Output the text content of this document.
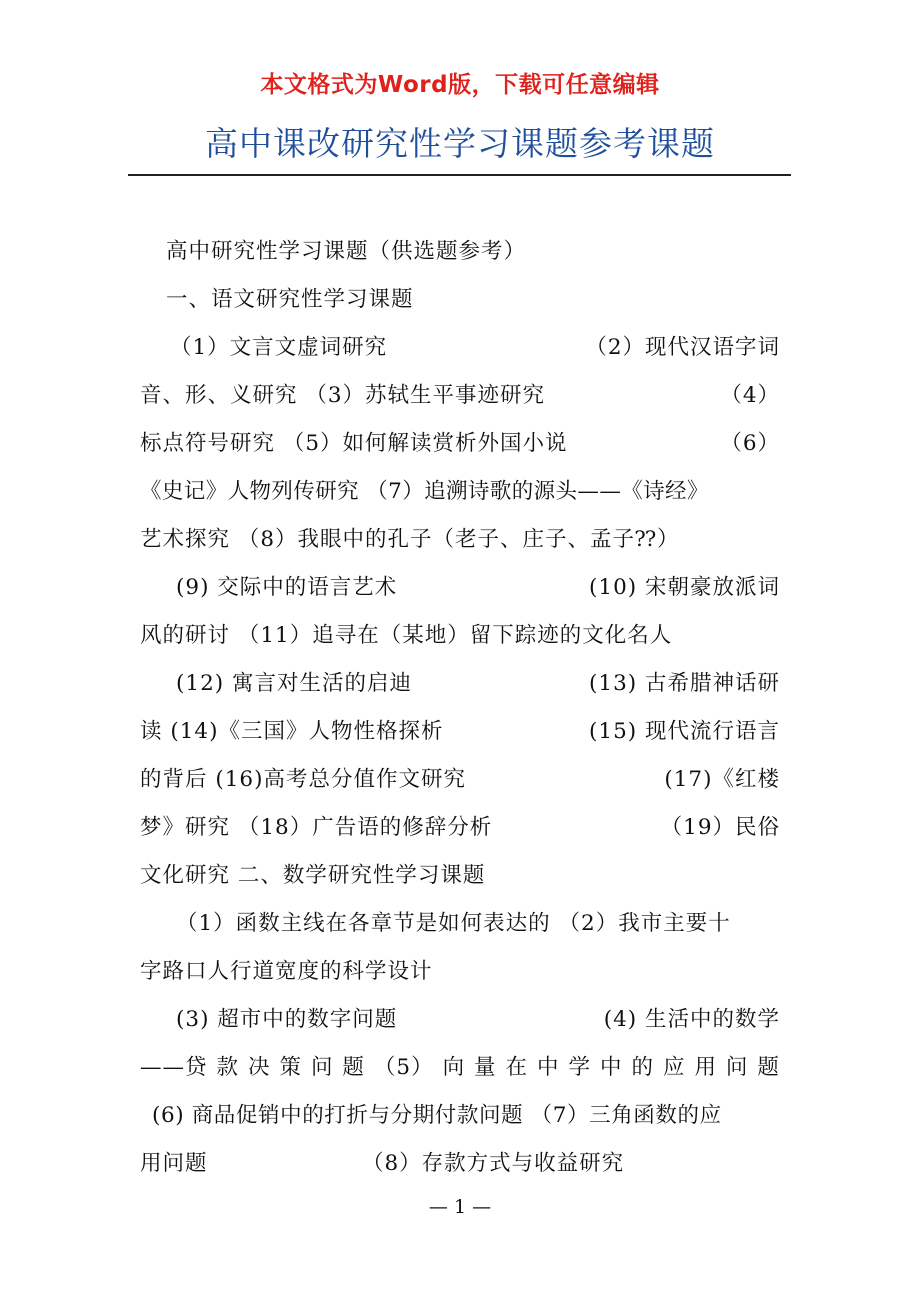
本文格式为Word版，下载可任意编辑
高中课改研究性学习课题参考课题
高中研究性学习课题（供选题参考）
一、语文研究性学习课题
（1）文言文虚词研究	（2）现代汉语字词
音、形、义研究 （3）苏轼生平事迹研究	（4）
标点符号研究 （5）如何解读赏析外国小说	（6）
《史记》人物列传研究 （7）追溯诗歌的源头——《诗经》
艺术探究 （8）我眼中的孔子（老子、庄子、孟子⁇）
(9) 交际中的语言艺术	(10) 宋朝豪放派词
风的研讨 （11）追寻在（某地）留下踪迹的文化名人
(12) 寓言对生活的启迪	(13) 古希腊神话研
读 (14)《三国》人物性格探析	(15) 现代流行语言
的背后 (16)高考总分值作文研究	(17)《红楼
梦》研究 （18）广告语的修辞分析	（19）民俗
文化研究 二、数学研究性学习课题
（1）函数主线在各章节是如何表达的 （2）我市主要十
字路口人行道宽度的科学设计
(3) 超市中的数字问题	(4) 生活中的数学
——贷 款 决 策 问 题 （5） 向 量 在 中 学 中 的 应 用 问 题
(6) 商品促销中的打折与分期付款问题 （7）三角函数的应
用问题	（8）存款方式与收益研究
— 1 —
